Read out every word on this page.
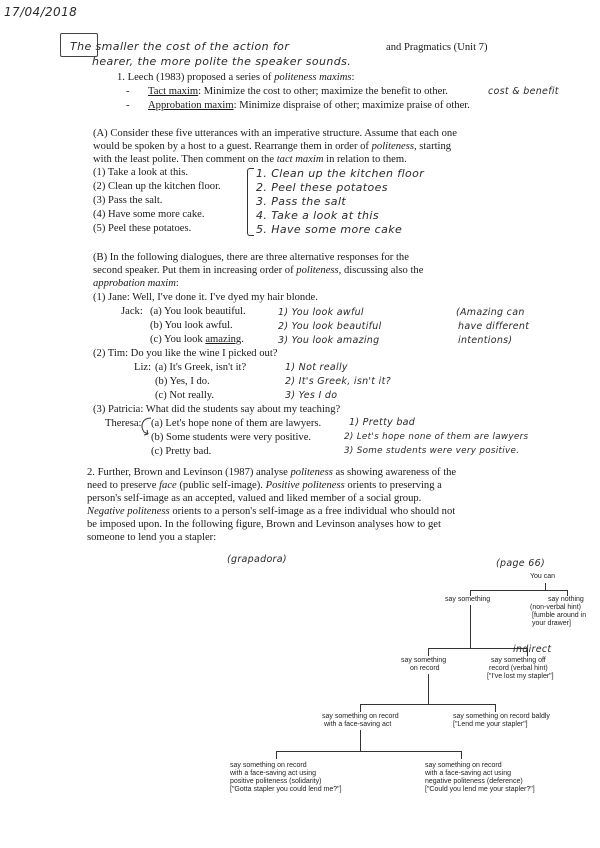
17/04/2018
The smaller the cost of the action for	and Pragmatics (Unit 7)
hearer, the more polite the speaker sounds.
1. Leech (1983) proposed a series of politeness maxims:
Tact maxim: Minimize the cost to other; maximize the benefit to other.	cost & benefit
Approbation maxim: Minimize dispraise of other; maximize praise of other.
-
-
(A) Consider these five utterances with an imperative structure. Assume that each one
would be spoken by a host to a guest. Rearrange them in order of politeness, starting
with the least polite. Then comment on the tact maxim in relation to them.
(1) Take a look at this.
(2) Clean up the kitchen floor.
(3) Pass the salt.
(4) Have some more cake.
(5) Peel these potatoes.
1. Clean up the kitchen floor
2. Peel these potatoes
3. Pass the salt
4. Take a look at this
5. Have some more cake
(B) In the following dialogues, there are three alternative responses for the
second speaker. Put them in increasing order of politeness, discussing also the
approbation maxim:
(1) Jane: Well, I've done it. I've dyed my hair blonde.
Jack: (a) You look beautiful.
(b) You look awful.
(c) You look amazing.
1) You look awful
2) You look beautiful
3) You look amazing
(Amazing can
have different
intentions)
(2) Tim: Do you like the wine I picked out?
Liz: (a) It's Greek, isn't it?
(b) Yes, I do.
(c) Not really.
1) Not really
2) It's Greek, isn't it?
3) Yes I do
(3) Patricia: What did the students say about my teaching?
Theresa: (a) Let's hope none of them are lawyers.
(b) Some students were very positive.
(c) Pretty bad.
1) Pretty bad
2) Let's hope none of them are lawyers
3) Some students were very positive.
2. Further, Brown and Levinson (1987) analyse politeness as showing awareness of the
need to preserve face (public self-image). Positive politeness orients to preserving a
person's self-image as an accepted, valued and liked member of a social group.
Negative politeness orients to a person's self-image as a free individual who should not
be imposed upon. In the following figure, Brown and Levinson analyses how to get
someone to lend you a stapler:
(grapadora)	(page 66)
You can
say something	say nothing
(non-verbal hint)
[fumble around in
your drawer]
indirect
say something
on record
say something off
record (verbal hint)
["I've lost my stapler"]
say something on record
with a face-saving act
say something on record baldly
["Lend me your stapler"]
say something on record
with a face-saving act using
positive politeness (solidarity)
["Gotta stapler you could lend me?"]
say something on record
with a face-saving act using
negative politeness (deference)
["Could you lend me your stapler?"]
